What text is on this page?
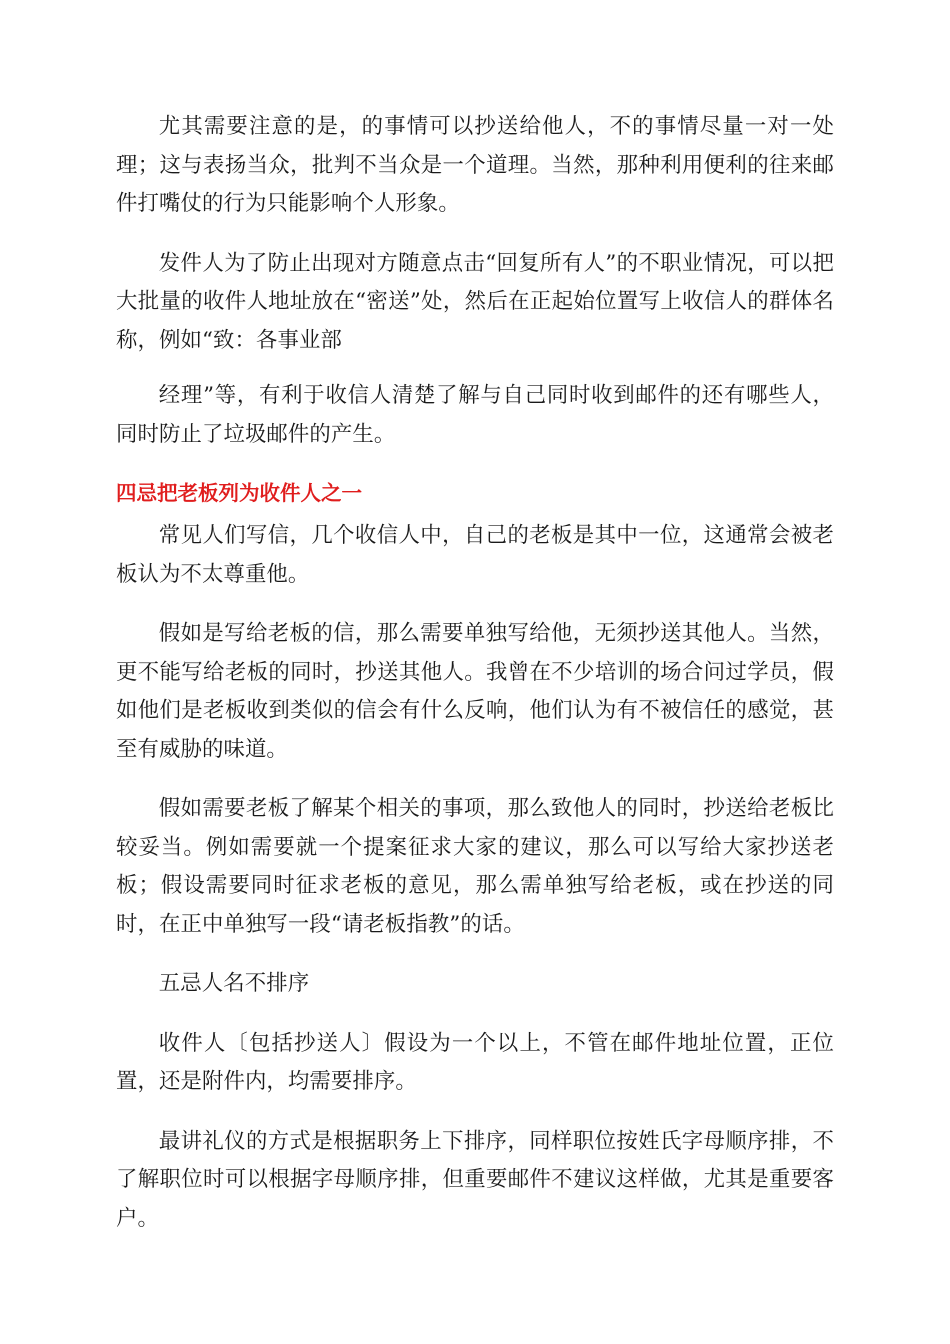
尤其需要注意的是，的事情可以抄送给他人，不的事情尽量一对一处理；这与表扬当众，批判不当众是一个道理。当然，那种利用便利的往来邮件打嘴仗的行为只能影响个人形象。

发件人为了防止出现对方随意点击“回复所有人”的不职业情况，可以把大批量的收件人地址放在“密送”处，然后在正起始位置写上收信人的群体名称，例如“致：各事业部

经理”等，有利于收信人清楚了解与自己同时收到邮件的还有哪些人，同时防止了垃圾邮件的产生。

四忌把老板列为收件人之一

常见人们写信，几个收信人中，自己的老板是其中一位，这通常会被老板认为不太尊重他。

假如是写给老板的信，那么需要单独写给他，无须抄送其他人。当然，更不能写给老板的同时，抄送其他人。我曾在不少培训的场合问过学员，假如他们是老板收到类似的信会有什么反响，他们认为有不被信任的感觉，甚至有威胁的味道。

假如需要老板了解某个相关的事项，那么致他人的同时，抄送给老板比较妥当。例如需要就一个提案征求大家的建议，那么可以写给大家抄送老板；假设需要同时征求老板的意见，那么需单独写给老板，或在抄送的同时，在正中单独写一段“请老板指教”的话。

五忌人名不排序

收件人〔包括抄送人〕假设为一个以上，不管在邮件地址位置，正位置，还是附件内，均需要排序。

最讲礼仪的方式是根据职务上下排序，同样职位按姓氏字母顺序排，不了解职位时可以根据字母顺序排，但重要邮件不建议这样做，尤其是重要客户。
